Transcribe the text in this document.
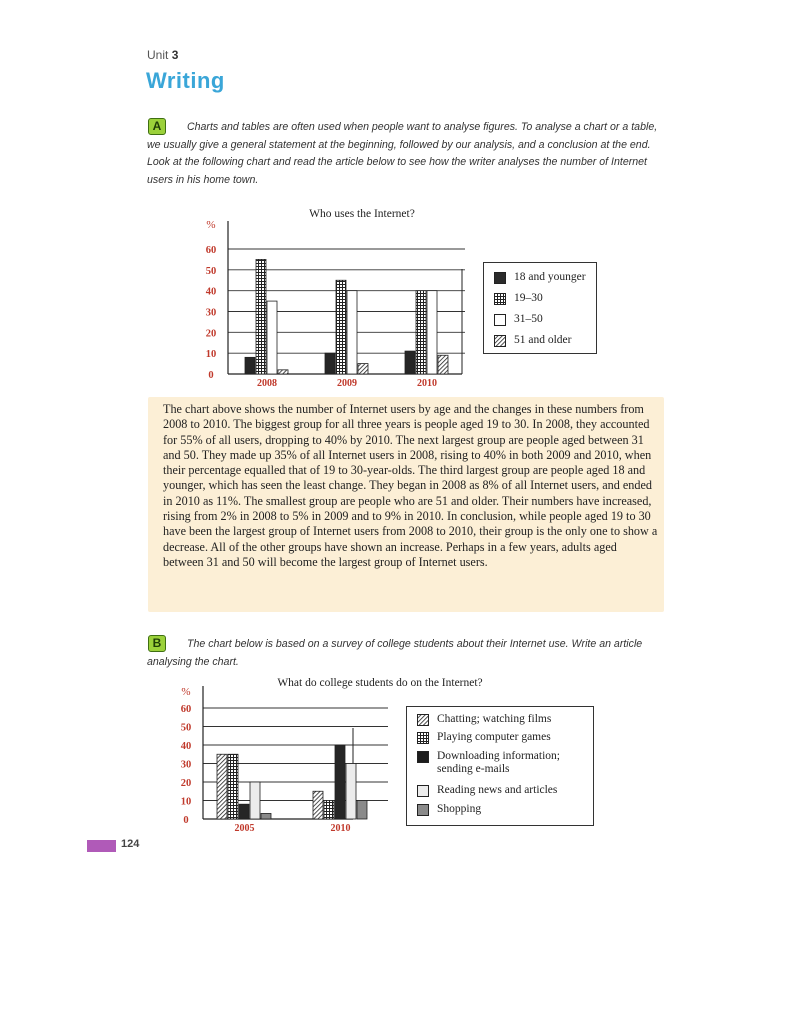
Unit 3
Writing
A	Charts and tables are often used when people want to analyse figures. To analyse a chart or a table, we usually give a general statement at the beginning, followed by our analysis, and a conclusion at the end. Look at the following chart and read the article below to see how the writer analyses the number of Internet users in his home town.
Who uses the Internet?
%
60
50
40
30
20
10
0
2008	2009	2010
18 and younger
19–30
31–50
51 and older
The chart above shows the number of Internet users by age and the changes in these numbers from 2008 to 2010. The biggest group for all three years is people aged 19 to 30. In 2008, they accounted for 55% of all users, dropping to 40% by 2010. The next largest group are people aged between 31 and 50. They made up 35% of all Internet users in 2008, rising to 40% in both 2009 and 2010, when their percentage equalled that of 19 to 30-year-olds. The third largest group are people aged 18 and younger, which has seen the least change. They began in 2008 as 8% of all Internet users, and ended in 2010 as 11%. The smallest group are people who are 51 and older. Their numbers have increased, rising from 2% in 2008 to 5% in 2009 and to 9% in 2010. In conclusion, while people aged 19 to 30 have been the largest group of Internet users from 2008 to 2010, their group is the only one to show a decrease. All of the other groups have shown an increase. Perhaps in a few years, adults aged between 31 and 50 will become the largest group of Internet users.
B	The chart below is based on a survey of college students about their Internet use. Write an article analysing the chart.
What do college students do on the Internet?
%
60
50
40
30
20
10
0
2005	2010
Chatting; watching films
Playing computer games
Downloading information; sending e-mails
Reading news and articles
Shopping
124
